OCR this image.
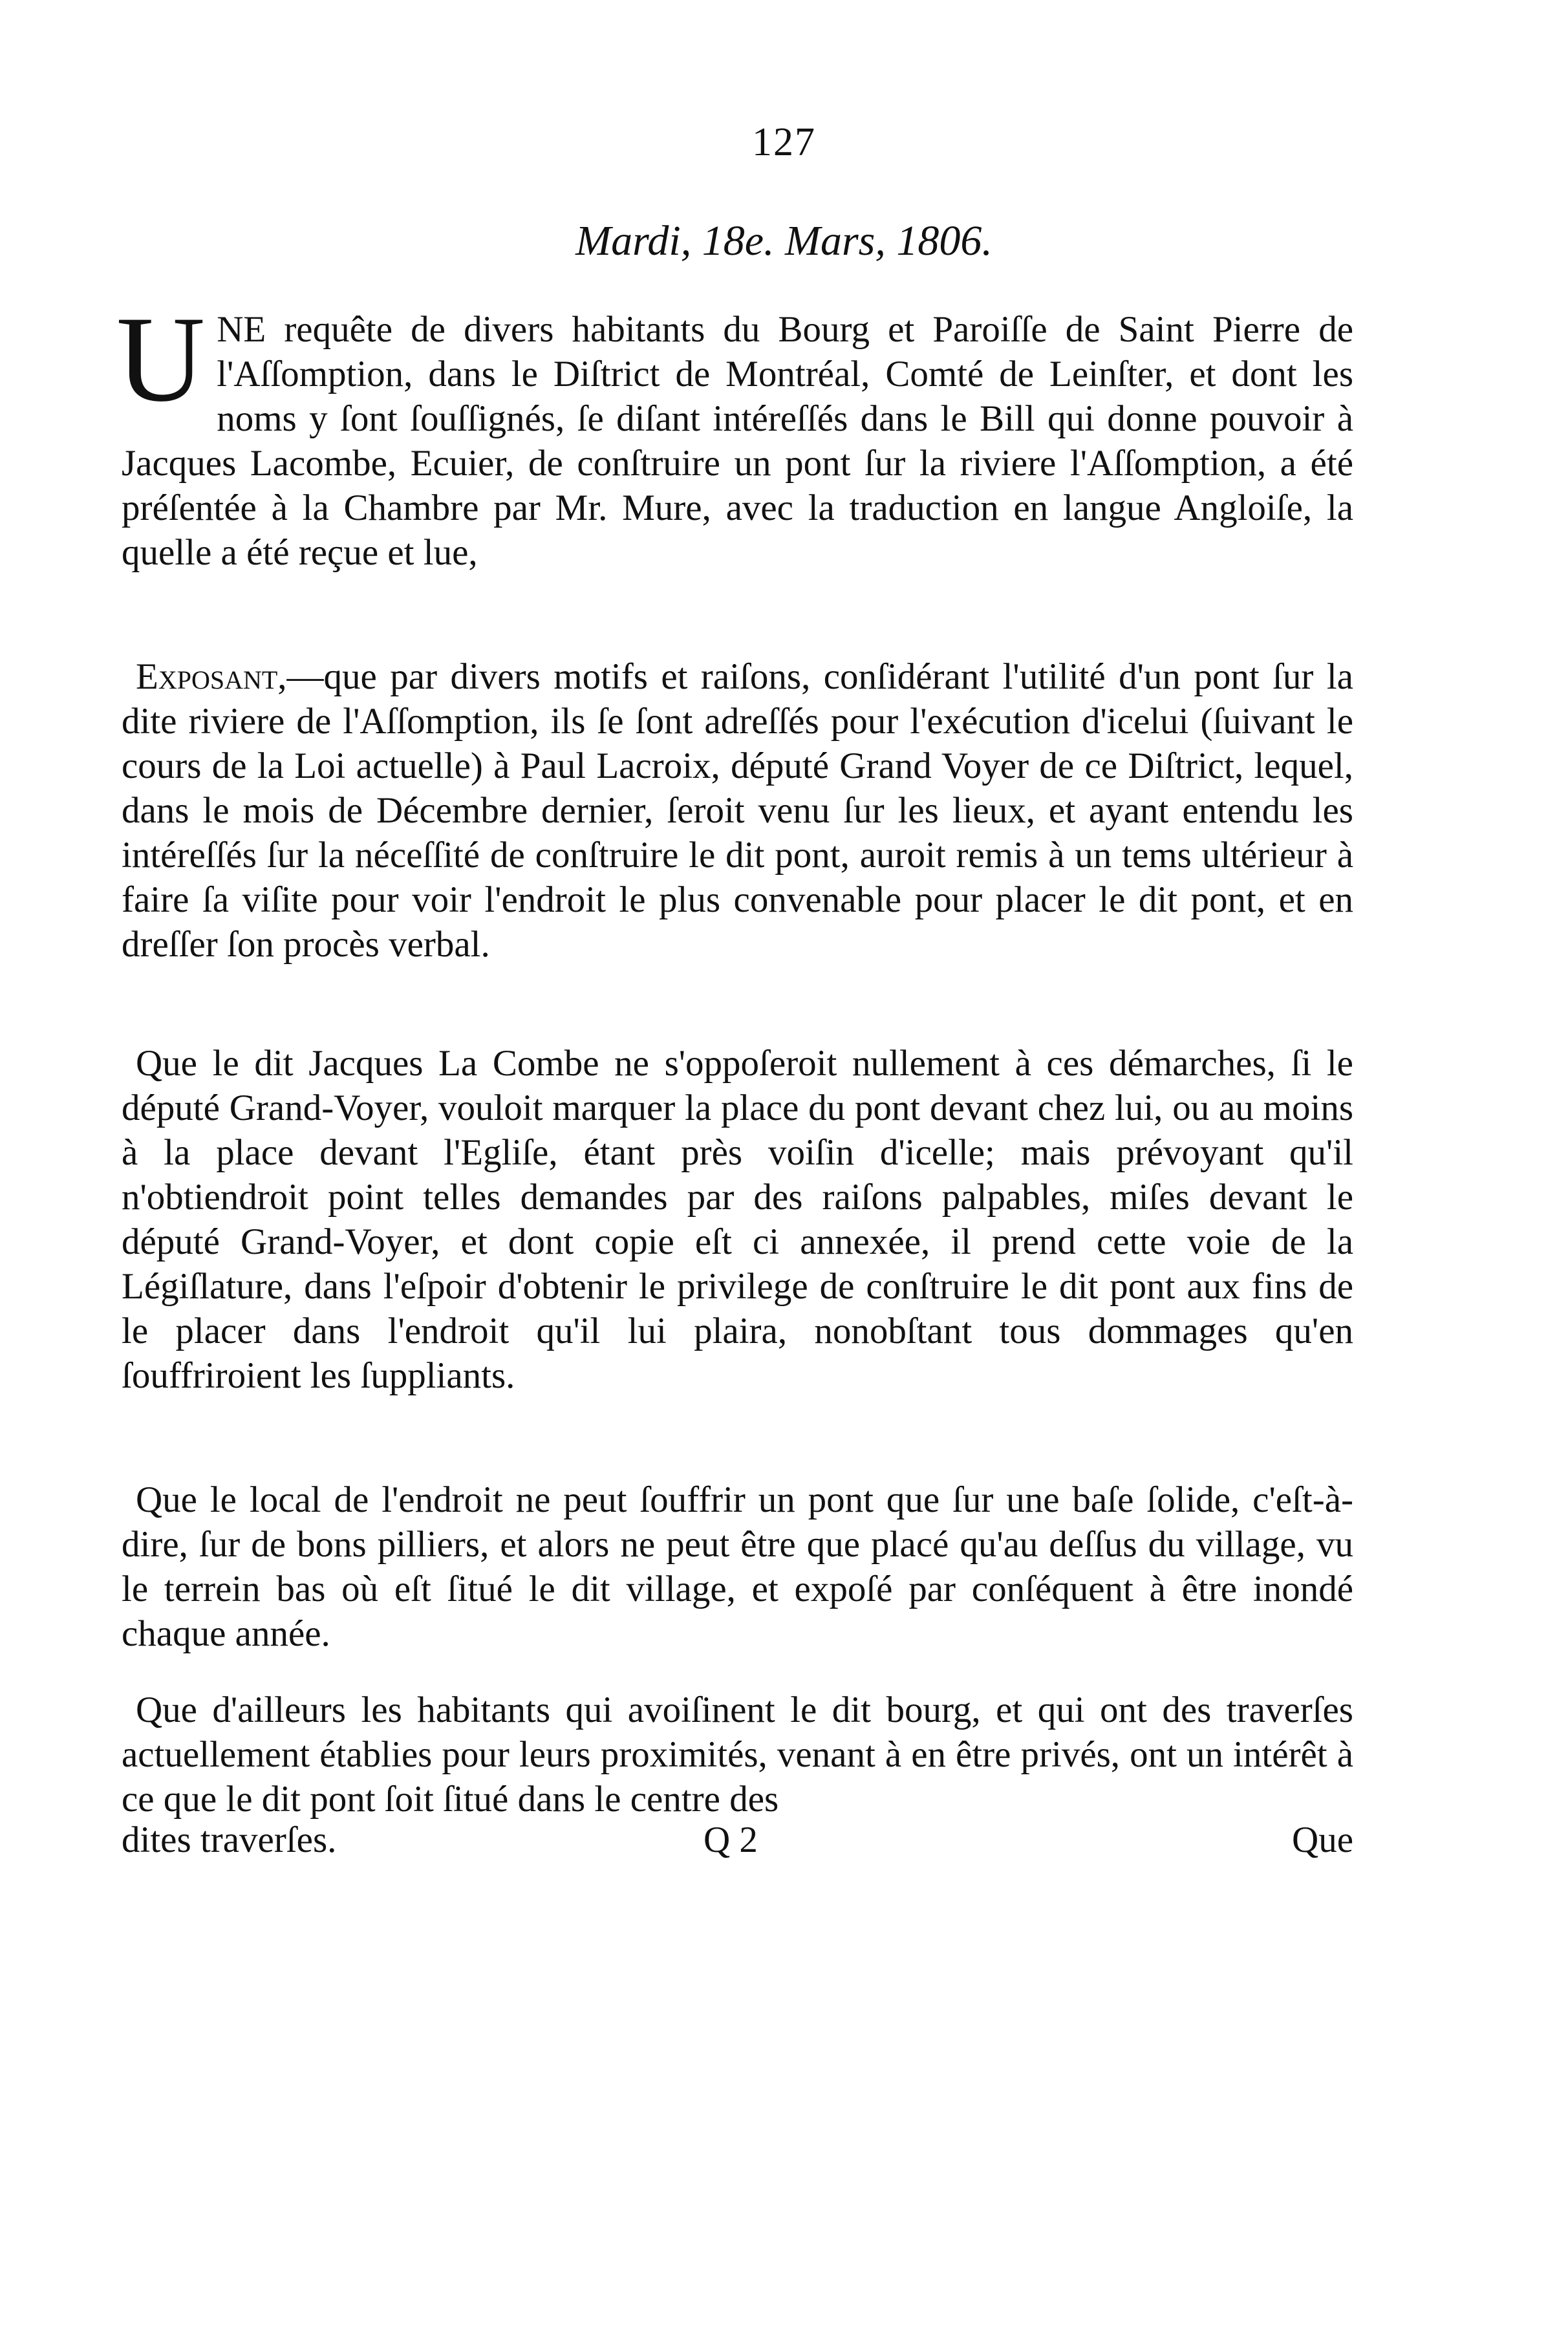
127
Mardi, 18e. Mars, 1806.

UNE requête de divers habitants du Bourg et Paroiſſe de Saint Pierre de l'Aſſomption, dans le Diſtrict de Montréal, Comté de Leinſter, et dont les noms y ſont ſouſſignés, ſe diſant intéreſſés dans le Bill qui donne pouvoir à Jacques Lacombe, Ecuier, de conſtruire un pont ſur la riviere l'Aſſomption, a été préſentée à la Chambre par Mr. Mure, avec la traduction en langue Angloiſe, la quelle a été reçue et lue,

Exposant,—que par divers motifs et raiſons, conſidérant l'utilité d'un pont ſur la dite riviere de l'Aſſomption, ils ſe ſont adreſſés pour l'exécution d'icelui (ſuivant le cours de la Loi actuelle) à Paul Lacroix, député Grand Voyer de ce Diſtrict, lequel, dans le mois de Décembre dernier, ſeroit venu ſur les lieux, et ayant entendu les intéreſſés ſur la néceſſité de conſtruire le dit pont, auroit remis à un tems ultérieur à faire ſa viſite pour voir l'endroit le plus convenable pour placer le dit pont, et en dreſſer ſon procès verbal.

Que le dit Jacques La Combe ne s'oppoſeroit nullement à ces démarches, ſi le député Grand-Voyer, vouloit marquer la place du pont devant chez lui, ou au moins à la place devant l'Egliſe, étant près voiſin d'icelle; mais prévoyant qu'il n'obtiendroit point telles demandes par des raiſons palpables, miſes devant le député Grand-Voyer, et dont copie eſt ci annexée, il prend cette voie de la Légiſlature, dans l'eſpoir d'obtenir le privilege de conſtruire le dit pont aux fins de le placer dans l'endroit qu'il lui plaira, nonobſtant tous dommages qu'en ſouffriroient les ſuppliants.

Que le local de l'endroit ne peut ſouffrir un pont que ſur une baſe ſolide, c'eſt-à-dire, ſur de bons pilliers, et alors ne peut être que placé qu'au deſſus du village, vu le terrein bas où eſt ſitué le dit village, et expoſé par conſéquent à être inondé chaque année.

Que d'ailleurs les habitants qui avoiſinent le dit bourg, et qui ont des traverſes actuellement établies pour leurs proximités, venant à en être privés, ont un intérêt à ce que le dit pont ſoit ſitué dans le centre des

dites traverſes.	Q 2	Que
